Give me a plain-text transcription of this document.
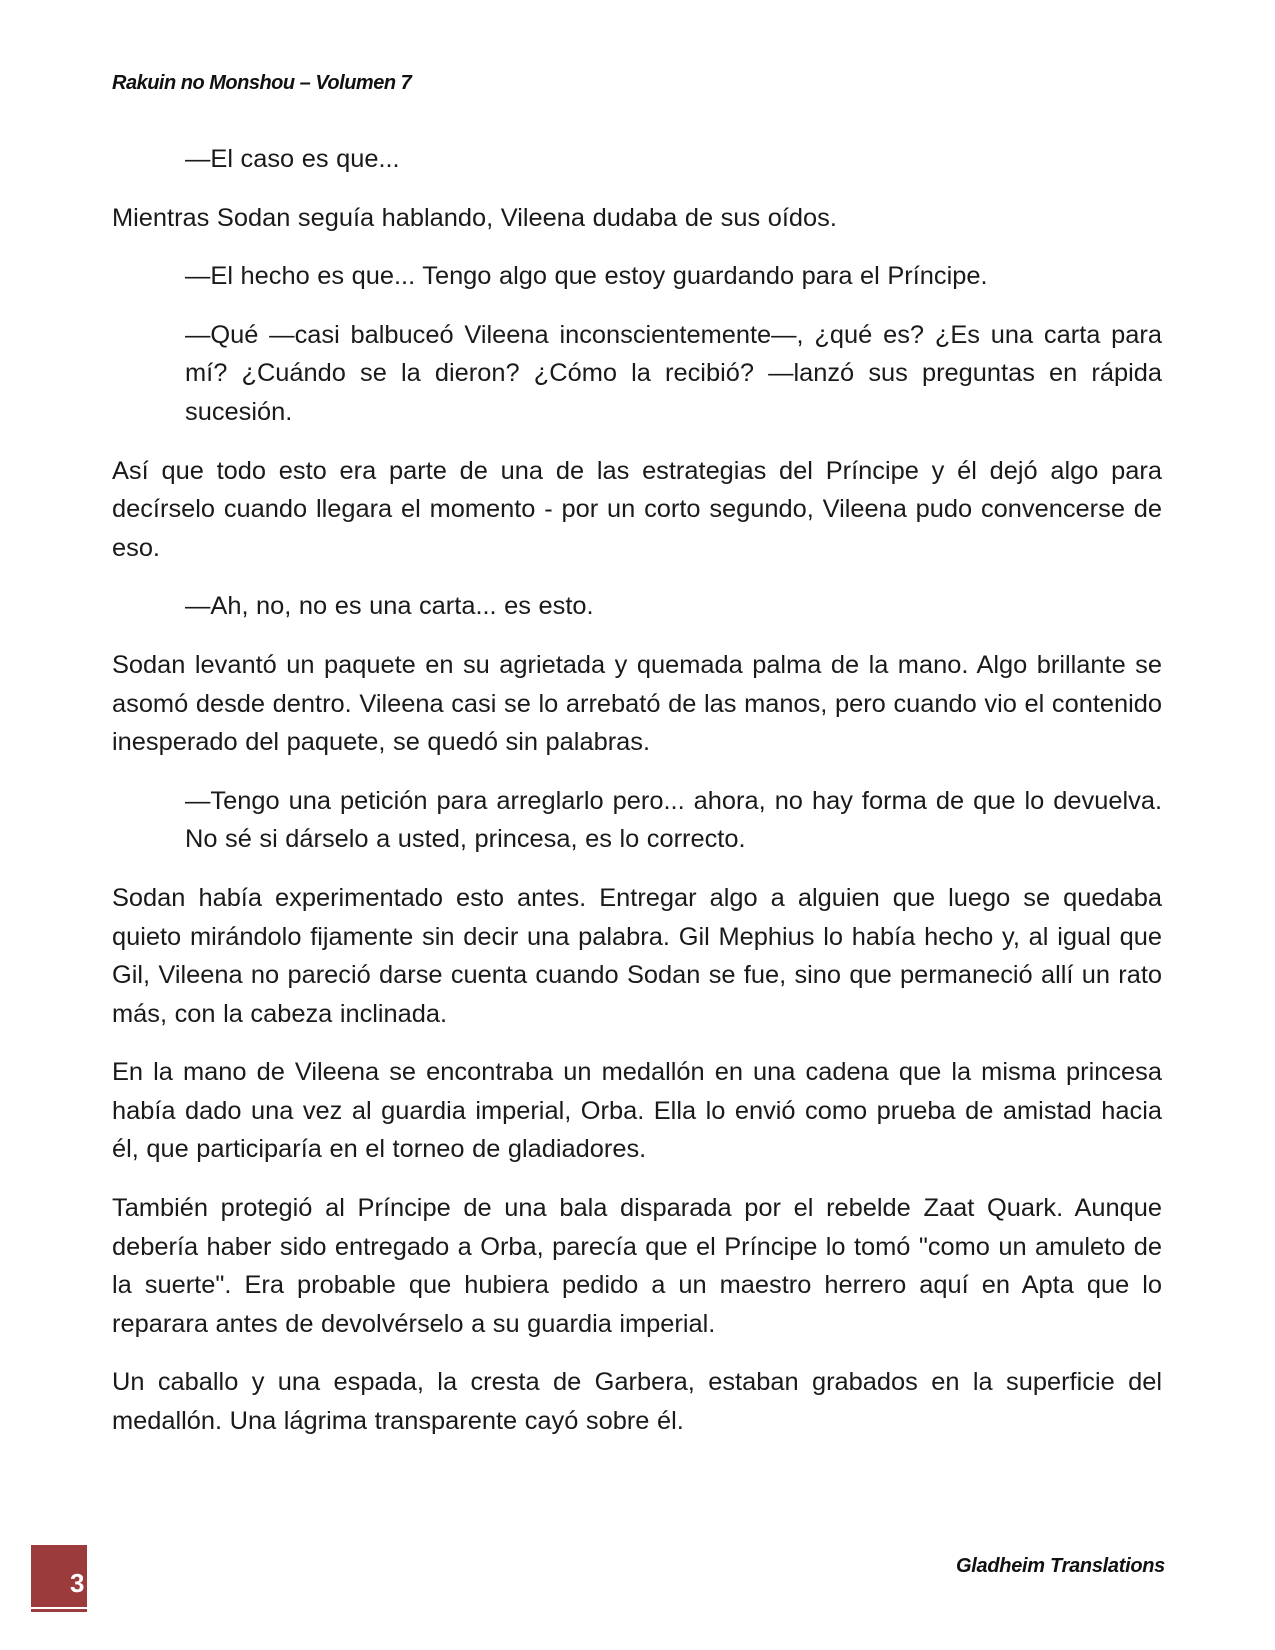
Rakuin no Monshou – Volumen 7

—El caso es que...

Mientras Sodan seguía hablando, Vileena dudaba de sus oídos.

—El hecho es que... Tengo algo que estoy guardando para el Príncipe.

—Qué —casi balbuceó Vileena inconscientemente—, ¿qué es? ¿Es una carta para mí? ¿Cuándo se la dieron? ¿Cómo la recibió? —lanzó sus preguntas en rápida sucesión.

Así que todo esto era parte de una de las estrategias del Príncipe y él dejó algo para decírselo cuando llegara el momento - por un corto segundo, Vileena pudo convencerse de eso.

—Ah, no, no es una carta... es esto.

Sodan levantó un paquete en su agrietada y quemada palma de la mano. Algo brillante se asomó desde dentro. Vileena casi se lo arrebató de las manos, pero cuando vio el contenido inesperado del paquete, se quedó sin palabras.

—Tengo una petición para arreglarlo pero... ahora, no hay forma de que lo devuelva. No sé si dárselo a usted, princesa, es lo correcto.

Sodan había experimentado esto antes. Entregar algo a alguien que luego se quedaba quieto mirándolo fijamente sin decir una palabra. Gil Mephius lo había hecho y, al igual que Gil, Vileena no pareció darse cuenta cuando Sodan se fue, sino que permaneció allí un rato más, con la cabeza inclinada.

En la mano de Vileena se encontraba un medallón en una cadena que la misma princesa había dado una vez al guardia imperial, Orba. Ella lo envió como prueba de amistad hacia él, que participaría en el torneo de gladiadores.

También protegió al Príncipe de una bala disparada por el rebelde Zaat Quark. Aunque debería haber sido entregado a Orba, parecía que el Príncipe lo tomó "como un amuleto de la suerte". Era probable que hubiera pedido a un maestro herrero aquí en Apta que lo reparara antes de devolvérselo a su guardia imperial.

Un caballo y una espada, la cresta de Garbera, estaban grabados en la superficie del medallón. Una lágrima transparente cayó sobre él.

3
Gladheim Translations
